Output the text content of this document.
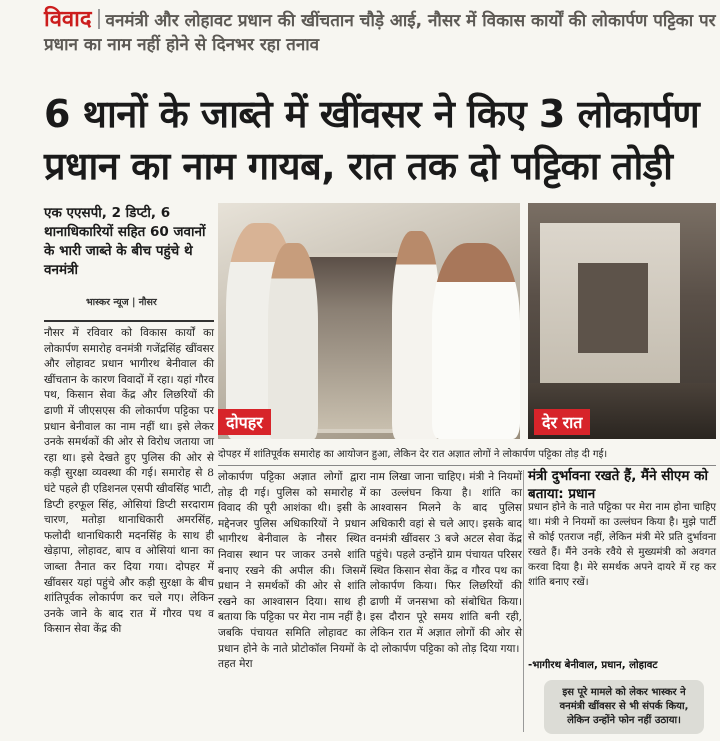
विवाद वनमंत्री और लोहावट प्रधान की खींचतान चौड़े आई, नौसर में विकास कार्यों की लोकार्पण पट्टिका पर प्रधान का नाम नहीं होने से दिनभर रहा तनाव
6 थानों के जाब्ते में खींवसर ने किए 3 लोकार्पण प्रधान का नाम गायब, रात तक दो पट्टिका तोड़ी
एक एएसपी, 2 डिप्टी, 6 थानाधिकारियों सहित 60 जवानों के भारी जाब्ते के बीच पहुंचे थे वनमंत्री
भास्कर न्यूज | नौसर
दोपहर	देर रात
दोपहर में शांतिपूर्वक समारोह का आयोजन हुआ, लेकिन देर रात अज्ञात लोगों ने लोकार्पण पट्टिका तोड़ दी गई।
नौसर में रविवार को विकास कार्यों का लोकार्पण समारोह वनमंत्री गजेंद्रसिंह खींवसर और लोहावट प्रधान भागीरथ बेनीवाल की खींचतान के कारण विवादों में रहा। यहां गौरव पथ, किसान सेवा केंद्र और लिछरियों की ढाणी में जीएसएस की लोकार्पण पट्टिका पर प्रधान बेनीवाल का नाम नहीं था। इसे लेकर उनके समर्थकों की ओर से विरोध जताया जा रहा था। इसे देखते हुए पुलिस की ओर से कड़ी सुरक्षा व्यवस्था की गई। समारोह से 8 घंटे पहले ही एडिशनल एसपी खीवसिंह भाटी, डिप्टी हरफूल सिंह, ओसियां डिप्टी सरदाराम चारण, मतोड़ा थानाधिकारी अमरसिंह, फलोदी थानाधिकारी मदनसिंह के साथ ही खेड़ापा, लोहावट, बाप व ओसियां थाना का जाब्ता तैनात कर दिया गया। दोपहर में खींवसर यहां पहुंचे और कड़ी सुरक्षा के बीच शांतिपूर्वक लोकार्पण कर चले गए। लेकिन उनके जाने के बाद रात में गौरव पथ व किसान सेवा केंद्र की
लोकार्पण पट्टिका अज्ञात लोगों द्वारा तोड़ दी गई। पुलिस को समारोह में विवाद की पूरी आशंका थी। इसी के मद्देनजर पुलिस अधिकारियों ने प्रधान भागीरथ बेनीवाल के नौसर स्थित निवास स्थान पर जाकर उनसे शांति बनाए रखने की अपील की। जिसमें प्रधान ने समर्थकों की ओर से शांति रखने का आश्वासन दिया। साथ ही बताया कि पट्टिका पर मेरा नाम नहीं है। जबकि पंचायत समिति लोहावट का प्रधान होने के नाते प्रोटोकॉल नियमों के तहत मेरा
नाम लिखा जाना चाहिए। मंत्री ने नियमों का उल्लंघन किया है। शांति का आश्वासन मिलने के बाद पुलिस अधिकारी वहां से चले आए। इसके बाद वनमंत्री खींवसर 3 बजे अटल सेवा केंद्र पहुंचे। पहले उन्होंने ग्राम पंचायत परिसर स्थित किसान सेवा केंद्र व गौरव पथ का लोकार्पण किया। फिर लिछरियों की ढाणी में जनसभा को संबोधित किया। इस दौरान पूरे समय शांति बनी रही, लेकिन रात में अज्ञात लोगों की ओर से दो लोकार्पण पट्टिका को तोड़ दिया गया।
मंत्री दुर्भावना रखते हैं, मैंने सीएम को बताया: प्रधान
प्रधान होने के नाते पट्टिका पर मेरा नाम होना चाहिए था। मंत्री ने नियमों का उल्लंघन किया है। मुझे पार्टी से कोई एतराज नहीं, लेकिन मंत्री मेरे प्रति दुर्भावना रखते हैं। मैंने उनके रवैये से मुख्यमंत्री को अवगत करवा दिया है। मेरे समर्थक अपने दायरे में रह कर शांति बनाए रखें।
-भागीरथ बेनीवाल, प्रधान, लोहावट
इस पूरे मामले को लेकर भास्कर ने वनमंत्री खींवसर से भी संपर्क किया, लेकिन उन्होंने फोन नहीं उठाया।
